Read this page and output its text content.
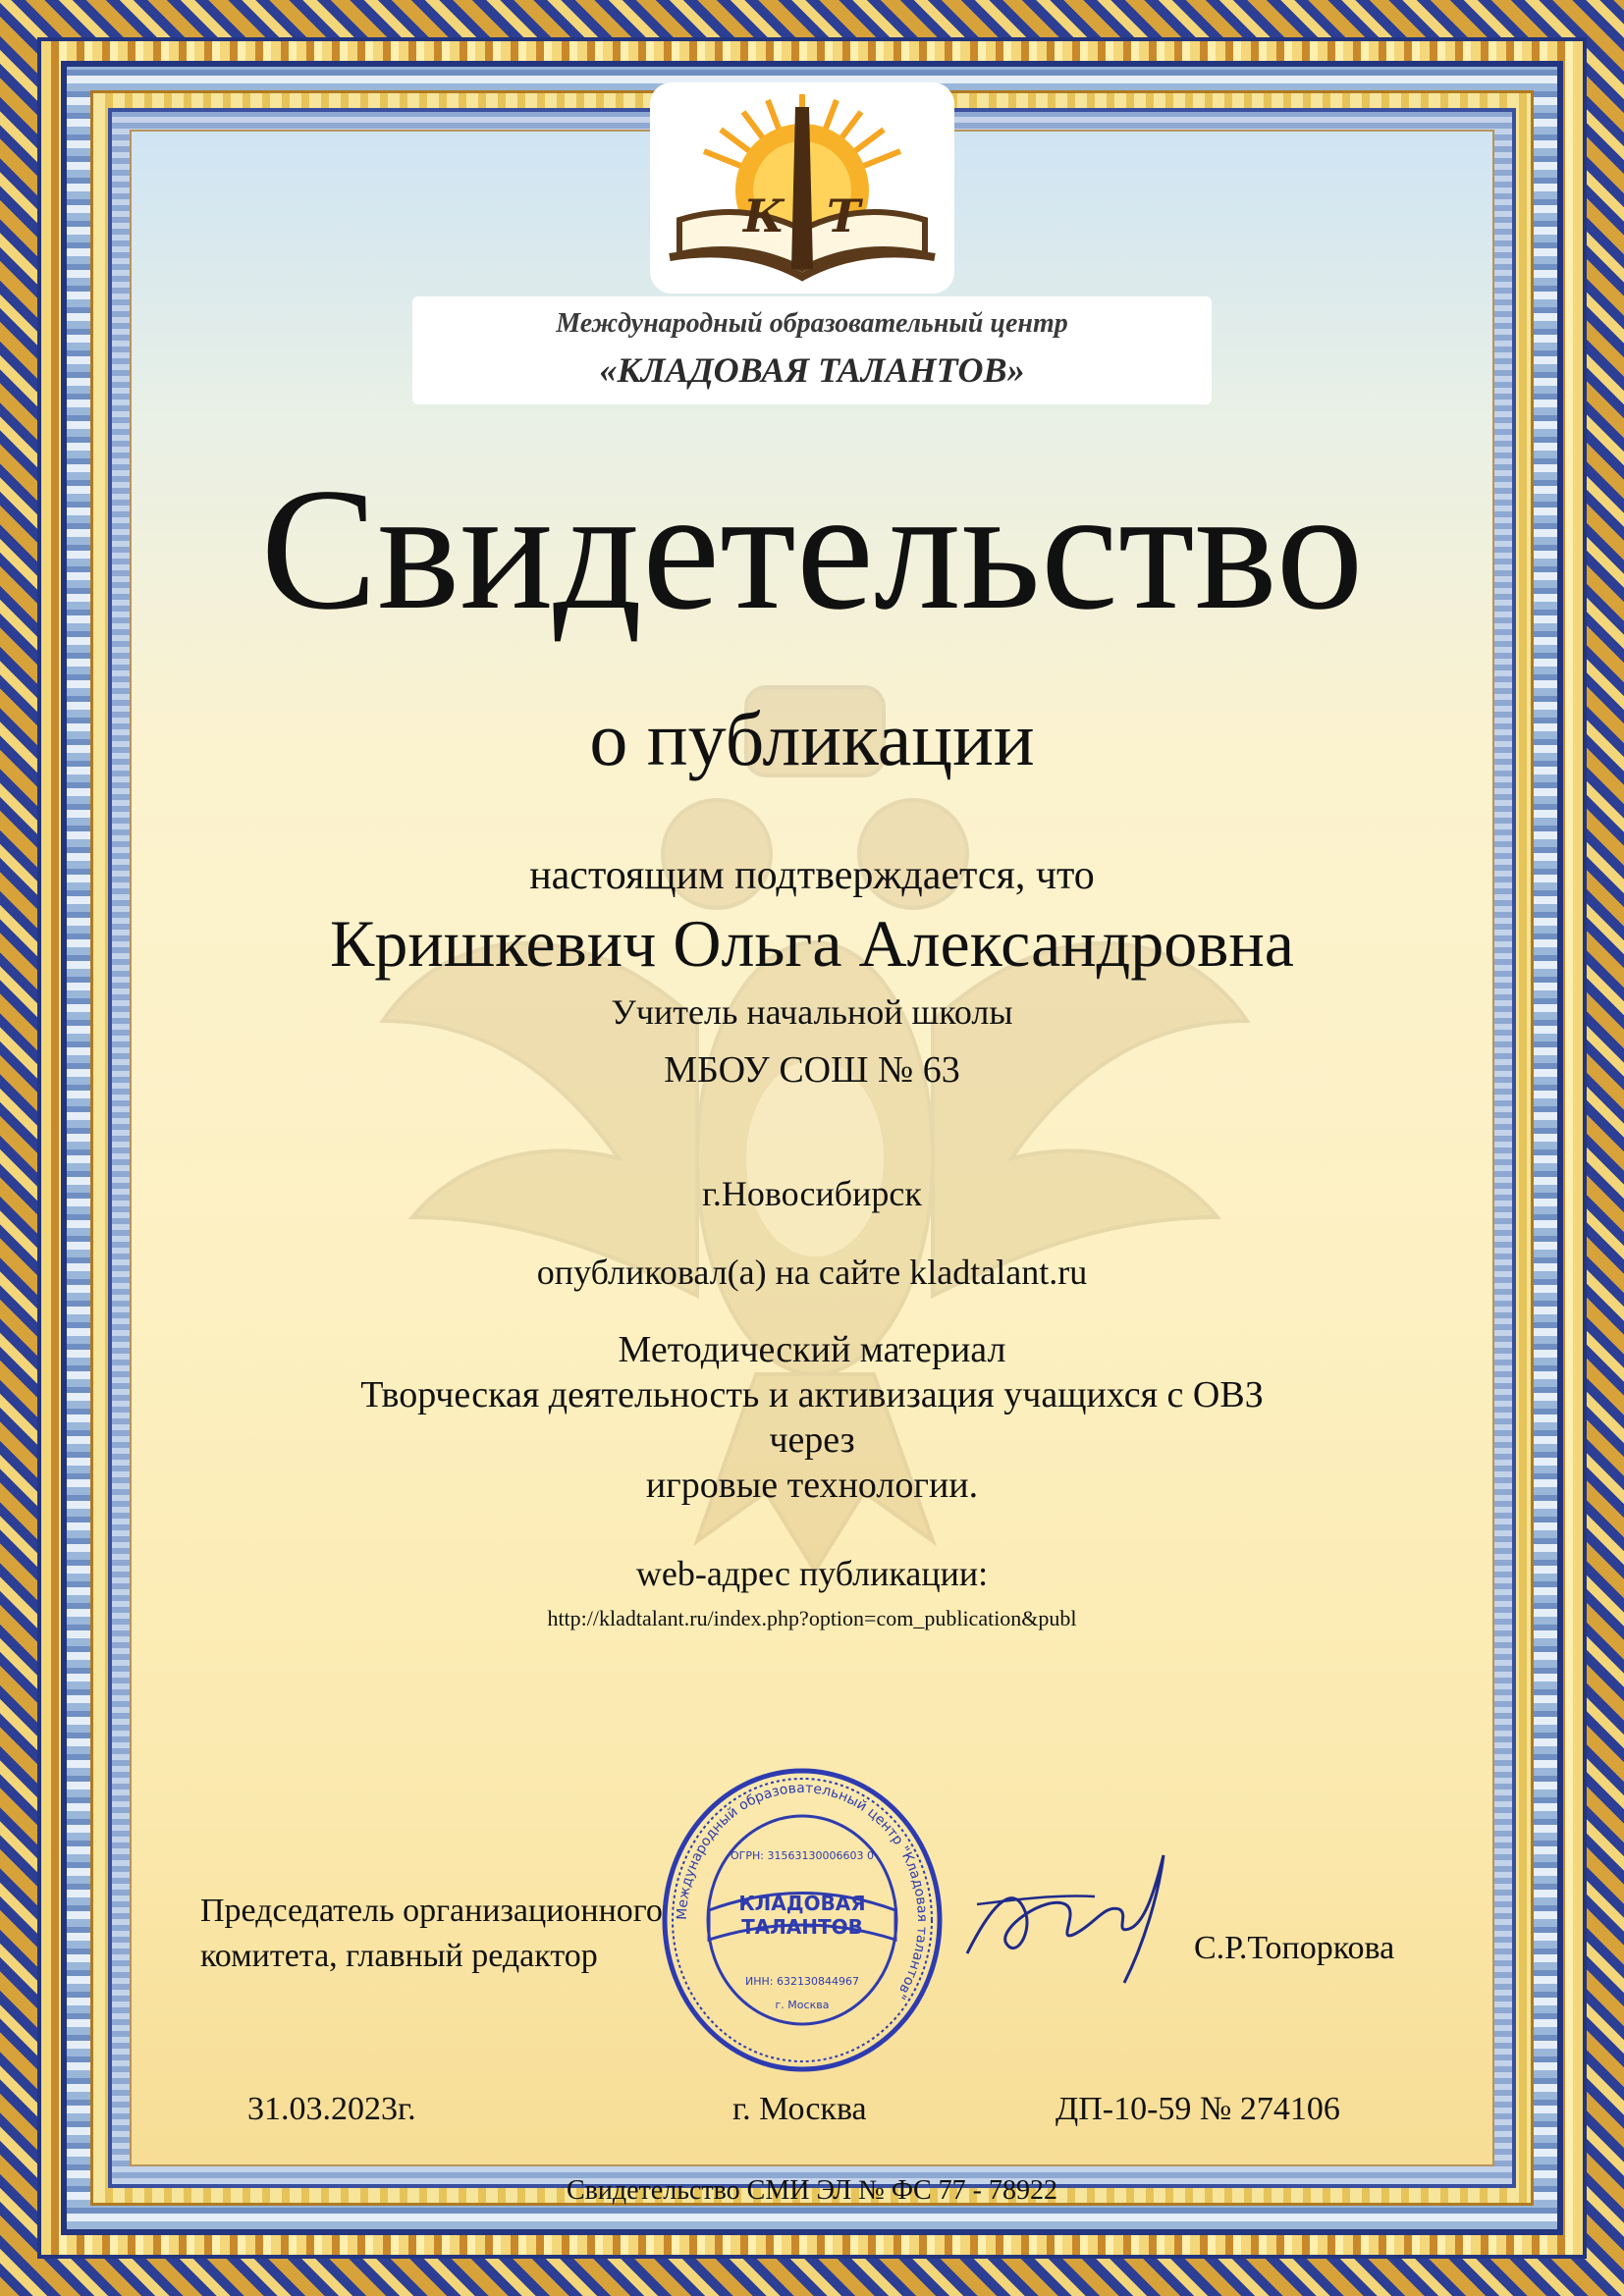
К Т
Международный образовательный центр
«КЛАДОВАЯ ТАЛАНТОВ»
Свидетельство
о публикации
настоящим подтверждается, что
Кришкевич Ольга Александровна
Учитель начальной школы
МБОУ СОШ № 63
г.Новосибирск
опубликовал(а) на сайте kladtalant.ru
Методический материал
Творческая деятельность и активизация учащихся с ОВЗ
через
игровые технологии.
web-адрес публикации:
http://kladtalant.ru/index.php?option=com_publication&publ
Председатель организационного
комитета, главный редактор
Международный образовательный центр "Кладовая талантов"
ОГРН: 31563130006603 0
КЛАДОВАЯ
ТАЛАНТОВ
ИНН: 632130844967
г. Москва
С.Р.Топоркова
31.03.2023г.	г. Москва	ДП-10-59 № 274106
Свидетельство СМИ ЭЛ № ФС 77 - 78922
